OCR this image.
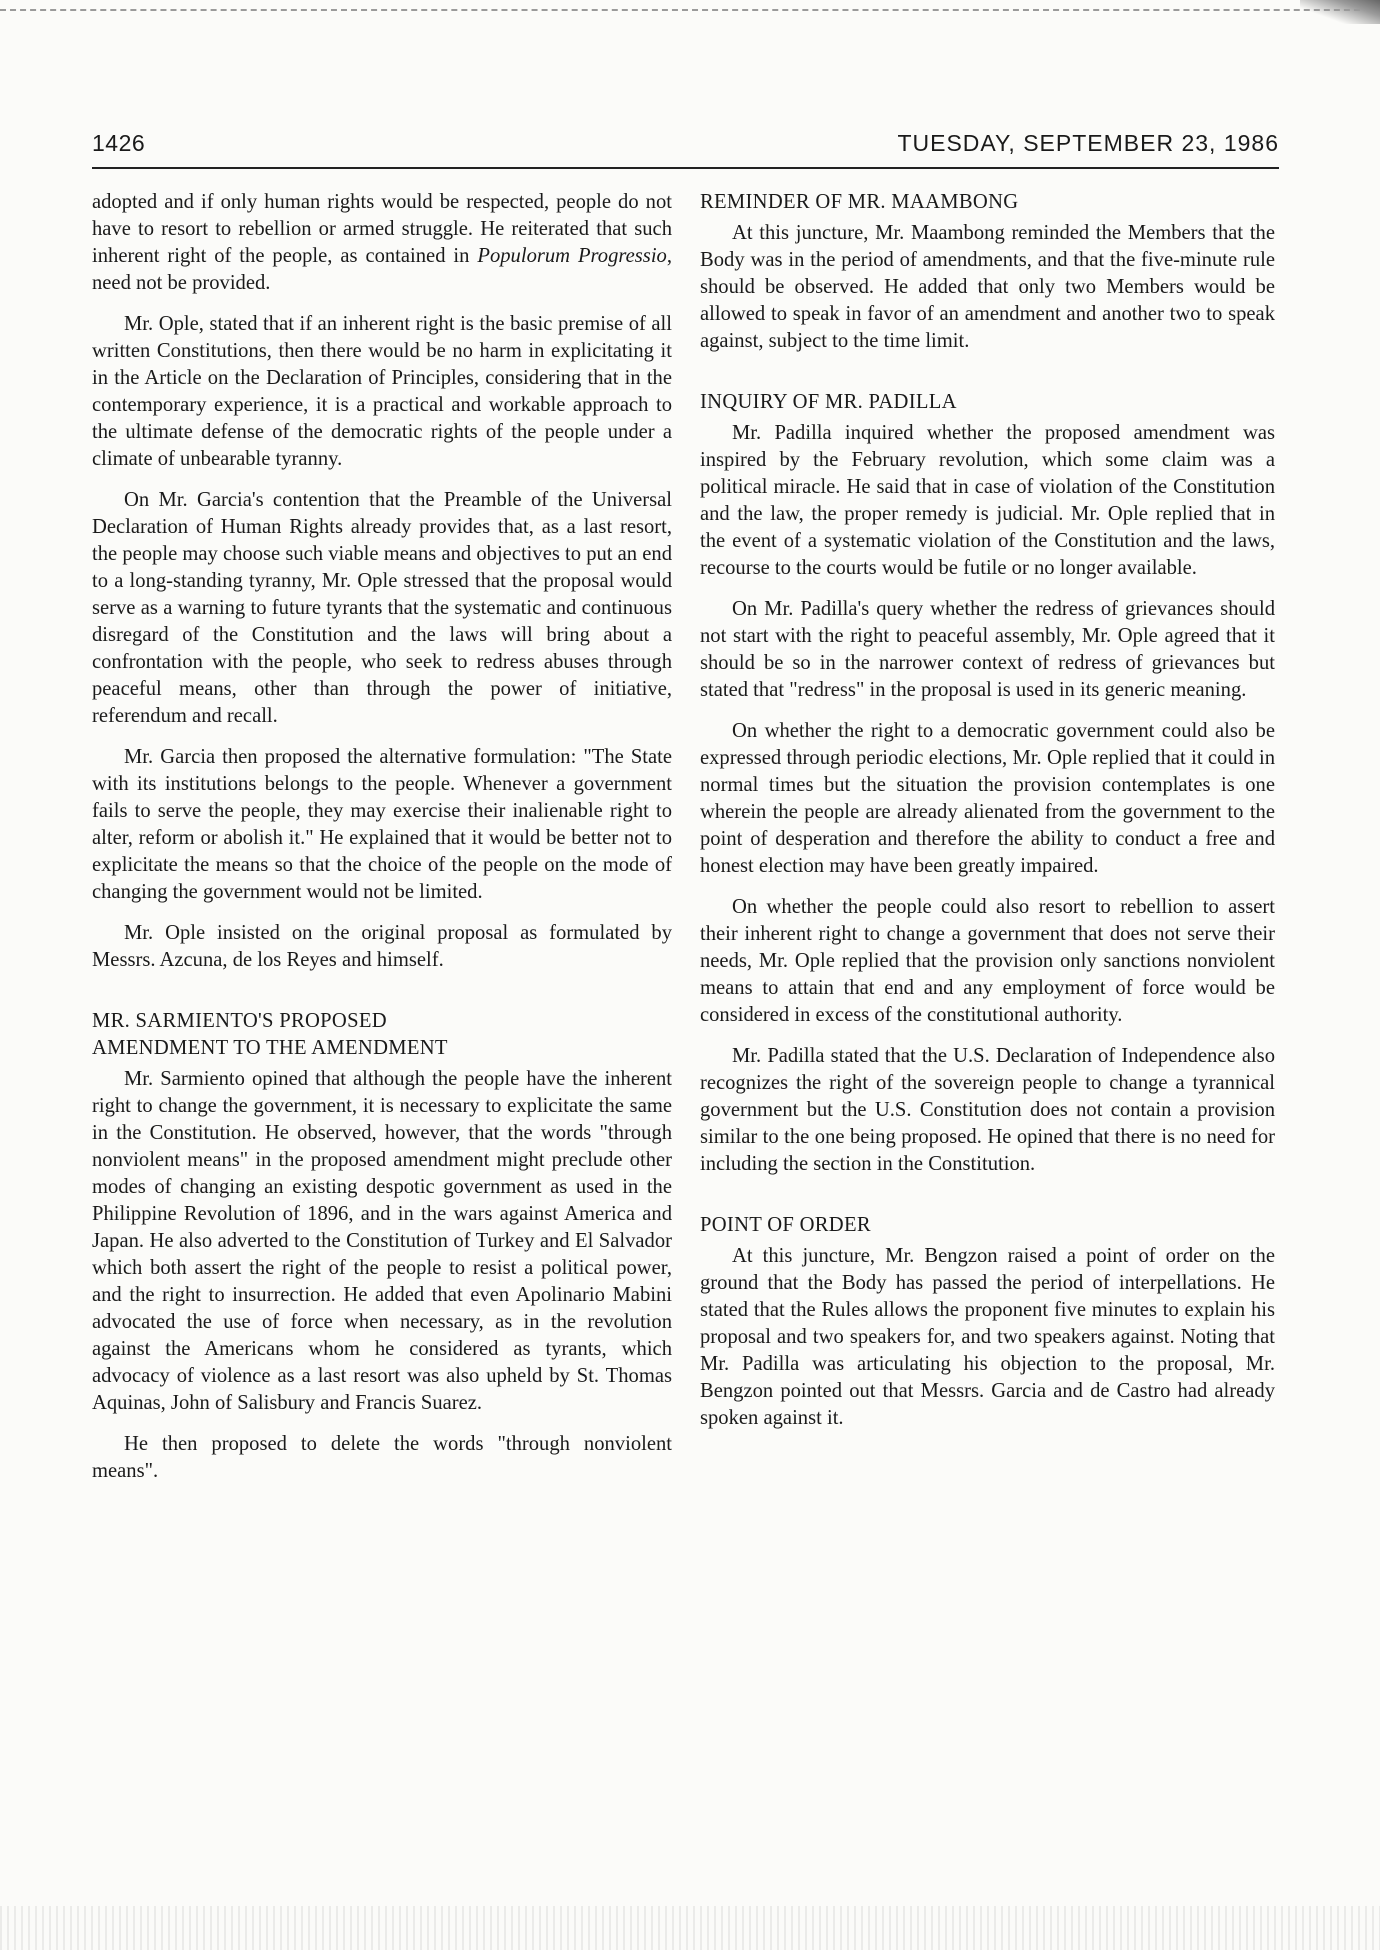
1426	TUESDAY, SEPTEMBER 23, 1986

adopted and if only human rights would be respected, people do not have to resort to rebellion or armed struggle. He reiterated that such inherent right of the people, as contained in Populorum Progressio, need not be provided.

Mr. Ople, stated that if an inherent right is the basic premise of all written Constitutions, then there would be no harm in explicitating it in the Article on the Declaration of Principles, considering that in the contemporary experience, it is a practical and workable approach to the ultimate defense of the democratic rights of the people under a climate of unbearable tyranny.

On Mr. Garcia's contention that the Preamble of the Universal Declaration of Human Rights already provides that, as a last resort, the people may choose such viable means and objectives to put an end to a long-standing tyranny, Mr. Ople stressed that the proposal would serve as a warning to future tyrants that the systematic and continuous disregard of the Constitution and the laws will bring about a confrontation with the people, who seek to redress abuses through peaceful means, other than through the power of initiative, referendum and recall.

Mr. Garcia then proposed the alternative formulation: "The State with its institutions belongs to the people. Whenever a government fails to serve the people, they may exercise their inalienable right to alter, reform or abolish it." He explained that it would be better not to explicitate the means so that the choice of the people on the mode of changing the government would not be limited.

Mr. Ople insisted on the original proposal as formulated by Messrs. Azcuna, de los Reyes and himself.

MR. SARMIENTO'S PROPOSED
AMENDMENT TO THE AMENDMENT

Mr. Sarmiento opined that although the people have the inherent right to change the government, it is necessary to explicitate the same in the Constitution. He observed, however, that the words "through nonviolent means" in the proposed amendment might preclude other modes of changing an existing despotic government as used in the Philippine Revolution of 1896, and in the wars against America and Japan. He also adverted to the Constitution of Turkey and El Salvador which both assert the right of the people to resist a political power, and the right to insurrection. He added that even Apolinario Mabini advocated the use of force when necessary, as in the revolution against the Americans whom he considered as tyrants, which advocacy of violence as a last resort was also upheld by St. Thomas Aquinas, John of Salisbury and Francis Suarez.

He then proposed to delete the words "through nonviolent means".

REMINDER OF MR. MAAMBONG

At this juncture, Mr. Maambong reminded the Members that the Body was in the period of amendments, and that the five-minute rule should be observed. He added that only two Members would be allowed to speak in favor of an amendment and another two to speak against, subject to the time limit.

INQUIRY OF MR. PADILLA

Mr. Padilla inquired whether the proposed amendment was inspired by the February revolution, which some claim was a political miracle. He said that in case of violation of the Constitution and the law, the proper remedy is judicial. Mr. Ople replied that in the event of a systematic violation of the Constitution and the laws, recourse to the courts would be futile or no longer available.

On Mr. Padilla's query whether the redress of grievances should not start with the right to peaceful assembly, Mr. Ople agreed that it should be so in the narrower context of redress of grievances but stated that "redress" in the proposal is used in its generic meaning.

On whether the right to a democratic government could also be expressed through periodic elections, Mr. Ople replied that it could in normal times but the situation the provision contemplates is one wherein the people are already alienated from the government to the point of desperation and therefore the ability to conduct a free and honest election may have been greatly impaired.

On whether the people could also resort to rebellion to assert their inherent right to change a government that does not serve their needs, Mr. Ople replied that the provision only sanctions nonviolent means to attain that end and any employment of force would be considered in excess of the constitutional authority.

Mr. Padilla stated that the U.S. Declaration of Independence also recognizes the right of the sovereign people to change a tyrannical government but the U.S. Constitution does not contain a provision similar to the one being proposed. He opined that there is no need for including the section in the Constitution.

POINT OF ORDER

At this juncture, Mr. Bengzon raised a point of order on the ground that the Body has passed the period of interpellations. He stated that the Rules allows the proponent five minutes to explain his proposal and two speakers for, and two speakers against. Noting that Mr. Padilla was articulating his objection to the proposal, Mr. Bengzon pointed out that Messrs. Garcia and de Castro had already spoken against it.
